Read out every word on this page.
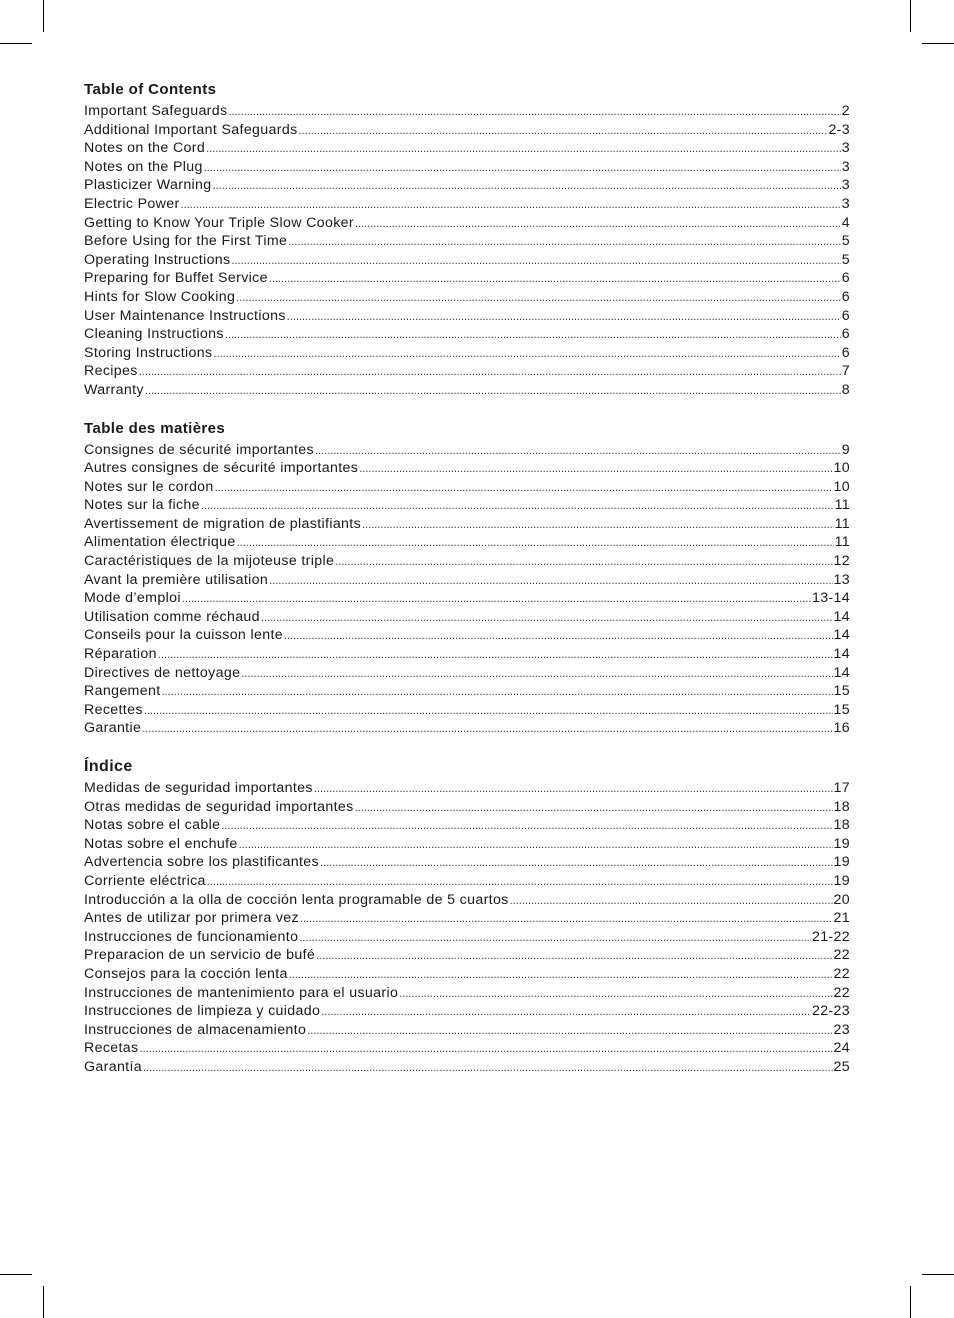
Table of Contents
Important Safeguards .....	2
Additional Important Safeguards .....	2-3
Notes on the Cord .....	3
Notes on the Plug .....	3
Plasticizer Warning .....	3
Electric Power .....	3
Getting to Know Your Triple Slow Cooker .....	4
Before Using for the First Time .....	5
Operating Instructions .....	5
Preparing for Buffet Service .....	6
Hints for Slow Cooking .....	6
User Maintenance Instructions .....	6
Cleaning Instructions .....	6
Storing Instructions .....	6
Recipes .....	7
Warranty .....	8
Table des matières
Consignes de sécurité importantes .....	9
Autres consignes de sécurité importantes .....	10
Notes sur le cordon .....	10
Notes sur la fiche .....	11
Avertissement de migration de plastifiants .....	11
Alimentation électrique .....	11
Caractéristiques de la mijoteuse triple .....	12
Avant la première utilisation .....	13
Mode d’emploi .....	13-14
Utilisation comme réchaud .....	14
Conseils pour la cuisson lente .....	14
Réparation .....	14
Directives de nettoyage .....	14
Rangement .....	15
Recettes .....	15
Garantie .....	16
Índice
Medidas de seguridad importantes .....	17
Otras medidas de seguridad importantes .....	18
Notas sobre el cable .....	18
Notas sobre el enchufe .....	19
Advertencia sobre los plastificantes .....	19
Corriente eléctrica .....	19
Introducción a la olla de cocción lenta programable de 5 cuartos .....	20
Antes de utilizar por primera vez .....	21
Instrucciones de funcionamiento .....	21-22
Preparacion de un servicio de bufé .....	22
Consejos para la cocción lenta .....	22
Instrucciones de mantenimiento para el usuario .....	22
Instrucciones de limpieza y cuidado .....	22-23
Instrucciones de almacenamiento .....	23
Recetas .....	24
Garantía .....	25
